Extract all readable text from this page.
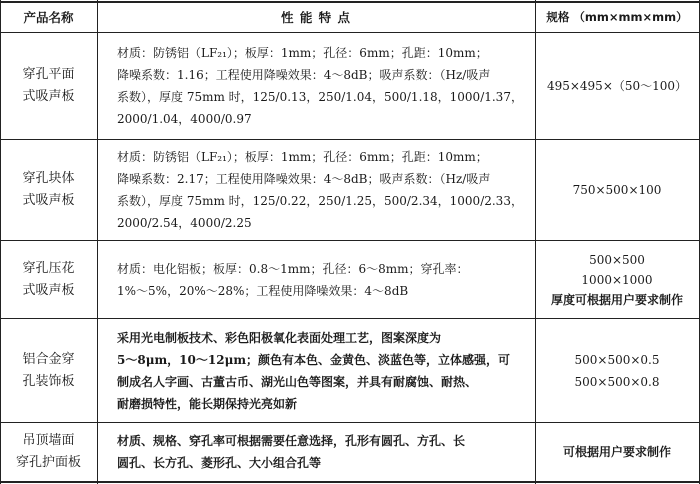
产品名称	性 能 特 点	规格 （mm×mm×mm）
穿孔平面
式吸声板

材质：防锈铝（LF₂₁）；板厚：1mm；孔径：6mm；孔距：10mm；

降噪系数：1.16；工程使用降噪效果：4～8dB；吸声系数：（Hz/吸声

系数），厚度 75mm 时，125/0.13，250/1.04，500/1.18，1000/1.37，

2000/1.04，4000/0.97

495×495×（50～100）
穿孔块体
式吸声板

材质：防锈铝（LF₂₁）；板厚：1mm；孔径：6mm；孔距：10mm；

降噪系数：2.17；工程使用降噪效果：4～8dB；吸声系数：（Hz/吸声

系数），厚度 75mm 时，125/0.22，250/1.25，500/2.34，1000/2.33，

2000/2.54，4000/2.25

750×500×100
穿孔压花
式吸声板

材质：电化铝板；板厚：0.8～1mm；孔径：6～8mm；穿孔率：

1%～5%，20%～28%；工程使用降噪效果：4～8dB

500×500
1000×1000
厚度可根据用户要求制作
铝合金穿
孔装饰板

采用光电制板技术、彩色阳极氧化表面处理工艺，图案深度为

5～8μm，10～12μm；颜色有本色、金黄色、淡蓝色等，立体感强，可

制成名人字画、古董古币、湖光山色等图案，并具有耐腐蚀、耐热、

耐磨损特性，能长期保持光亮如新

500×500×0.5
500×500×0.8
吊顶墙面
穿孔护面板

材质、规格、穿孔率可根据需要任意选择，孔形有圆孔、方孔、长

圆孔、长方孔、菱形孔、大小组合孔等

可根据用户要求制作
